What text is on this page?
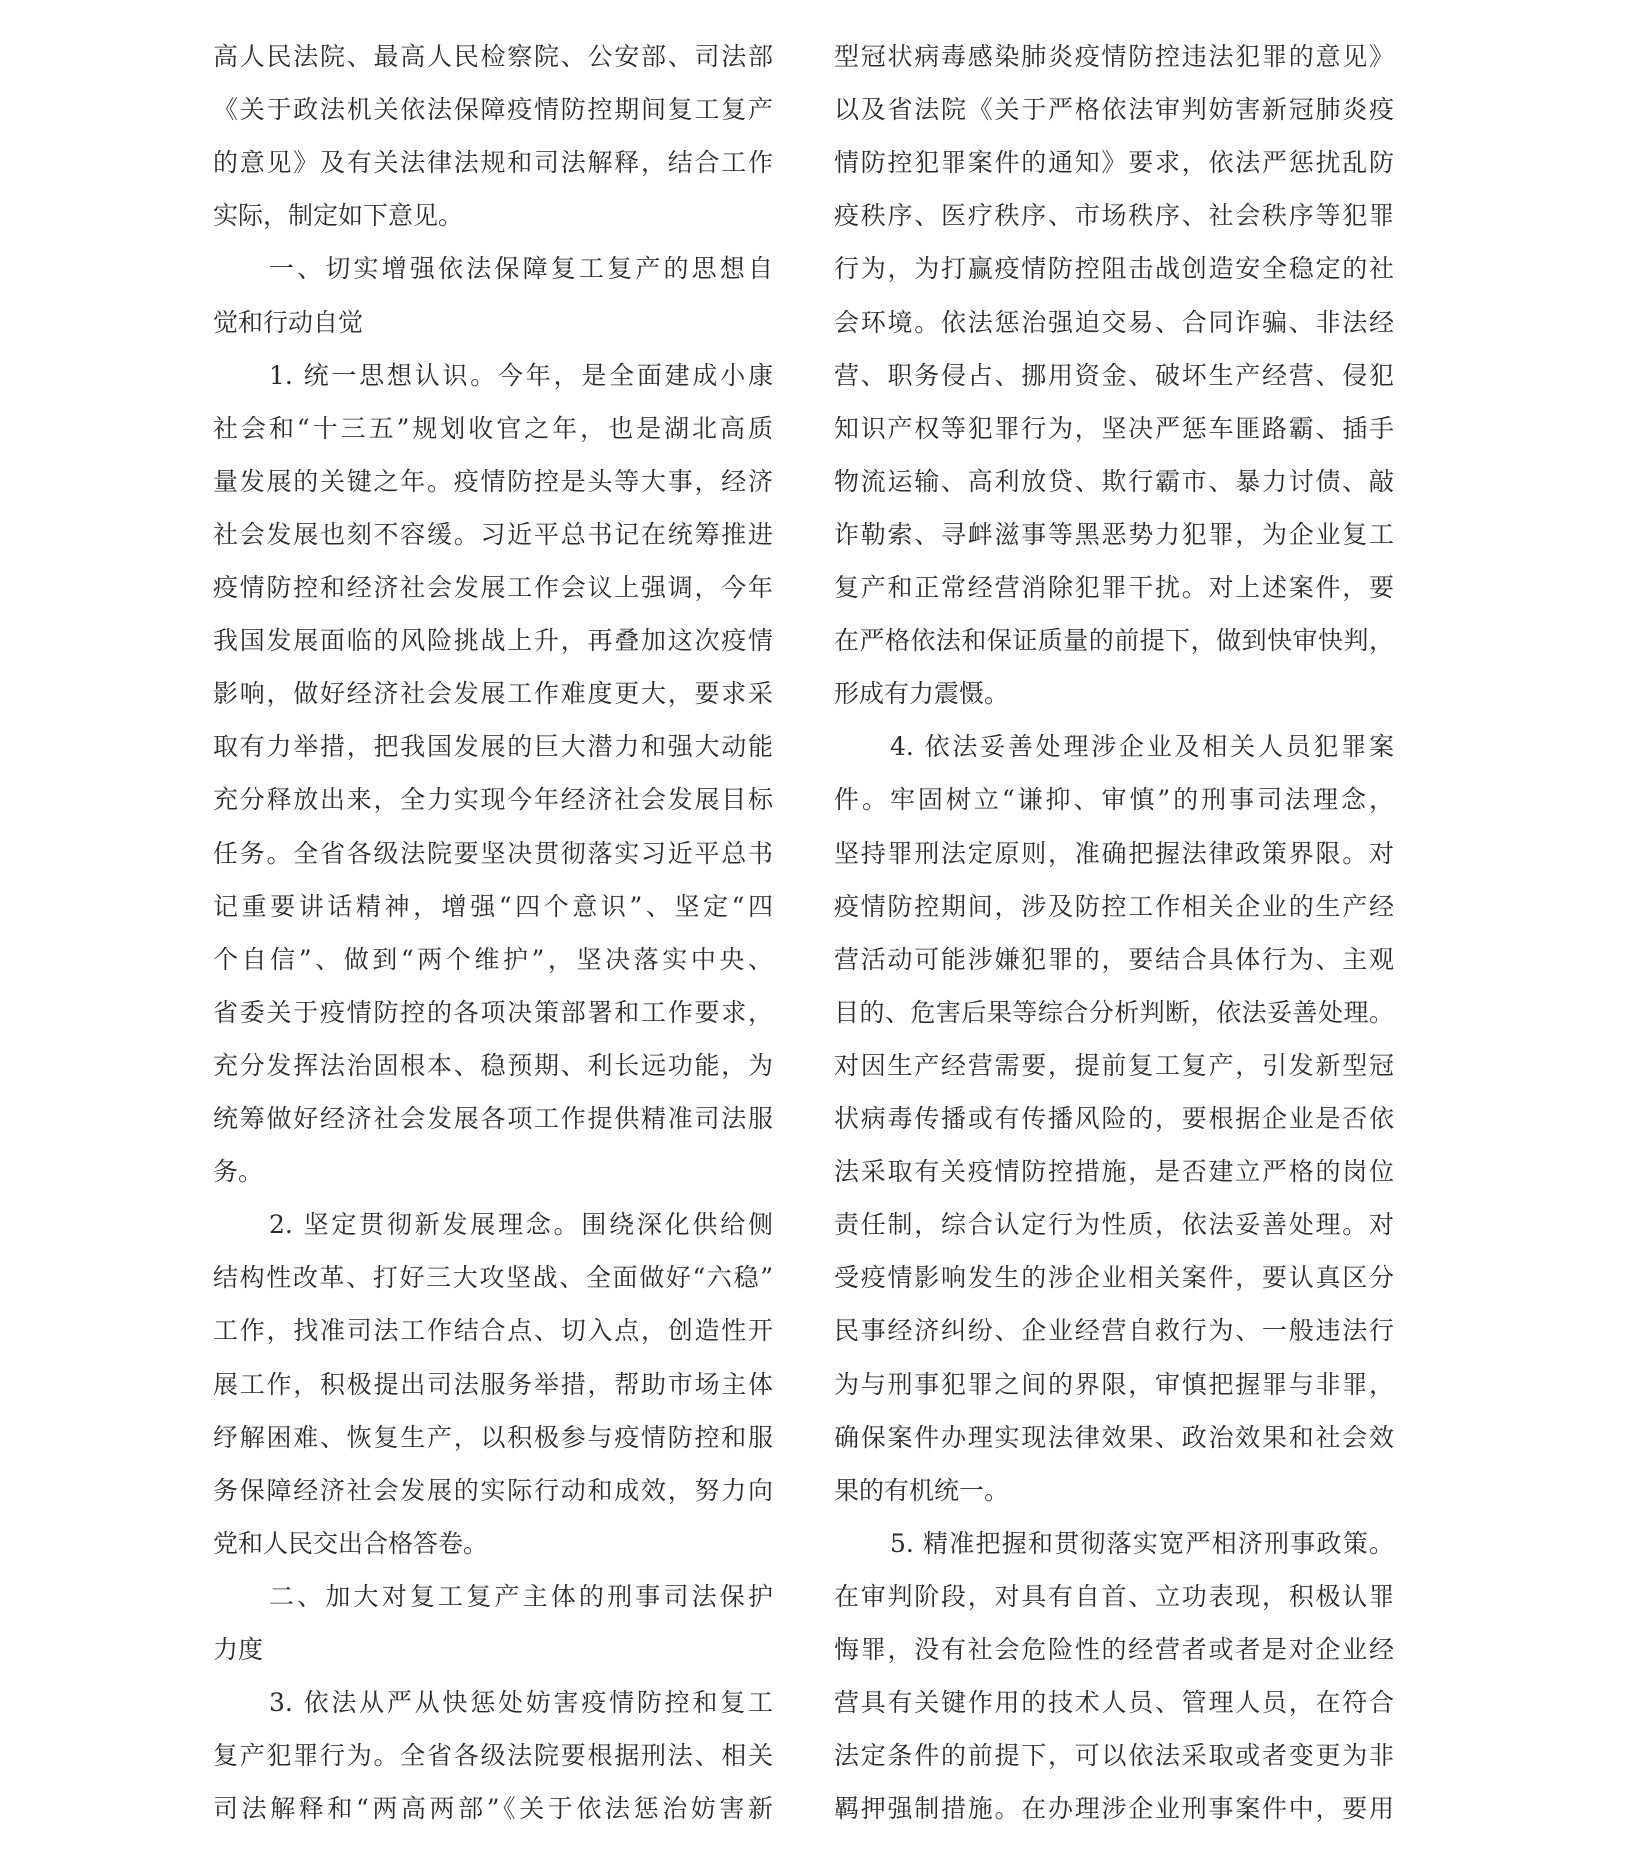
高人民法院、最高人民检察院、公安部、司法部
《关于政法机关依法保障疫情防控期间复工复产
的意见》及有关法律法规和司法解释，结合工作
实际，制定如下意见。
一、切实增强依法保障复工复产的思想自
觉和行动自觉
1. 统一思想认识。今年，是全面建成小康
社会和“十三五”规划收官之年，也是湖北高质
量发展的关键之年。疫情防控是头等大事，经济
社会发展也刻不容缓。习近平总书记在统筹推进
疫情防控和经济社会发展工作会议上强调，今年
我国发展面临的风险挑战上升，再叠加这次疫情
影响，做好经济社会发展工作难度更大，要求采
取有力举措，把我国发展的巨大潜力和强大动能
充分释放出来，全力实现今年经济社会发展目标
任务。全省各级法院要坚决贯彻落实习近平总书
记重要讲话精神，增强“四个意识”、坚定“四
个自信”、做到“两个维护”，坚决落实中央、
省委关于疫情防控的各项决策部署和工作要求，
充分发挥法治固根本、稳预期、利长远功能，为
统筹做好经济社会发展各项工作提供精准司法服
务。
2. 坚定贯彻新发展理念。围绕深化供给侧
结构性改革、打好三大攻坚战、全面做好“六稳”
工作，找准司法工作结合点、切入点，创造性开
展工作，积极提出司法服务举措，帮助市场主体
纾解困难、恢复生产，以积极参与疫情防控和服
务保障经济社会发展的实际行动和成效，努力向
党和人民交出合格答卷。
二、加大对复工复产主体的刑事司法保护
力度
3. 依法从严从快惩处妨害疫情防控和复工
复产犯罪行为。全省各级法院要根据刑法、相关
司法解释和“两高两部”《关于依法惩治妨害新
型冠状病毒感染肺炎疫情防控违法犯罪的意见》
以及省法院《关于严格依法审判妨害新冠肺炎疫
情防控犯罪案件的通知》要求，依法严惩扰乱防
疫秩序、医疗秩序、市场秩序、社会秩序等犯罪
行为，为打赢疫情防控阻击战创造安全稳定的社
会环境。依法惩治强迫交易、合同诈骗、非法经
营、职务侵占、挪用资金、破坏生产经营、侵犯
知识产权等犯罪行为，坚决严惩车匪路霸、插手
物流运输、高利放贷、欺行霸市、暴力讨债、敲
诈勒索、寻衅滋事等黑恶势力犯罪，为企业复工
复产和正常经营消除犯罪干扰。对上述案件，要
在严格依法和保证质量的前提下，做到快审快判，
形成有力震慑。
4. 依法妥善处理涉企业及相关人员犯罪案
件。牢固树立“谦抑、审慎”的刑事司法理念，
坚持罪刑法定原则，准确把握法律政策界限。对
疫情防控期间，涉及防控工作相关企业的生产经
营活动可能涉嫌犯罪的，要结合具体行为、主观
目的、危害后果等综合分析判断，依法妥善处理。
对因生产经营需要，提前复工复产，引发新型冠
状病毒传播或有传播风险的，要根据企业是否依
法采取有关疫情防控措施，是否建立严格的岗位
责任制，综合认定行为性质，依法妥善处理。对
受疫情影响发生的涉企业相关案件，要认真区分
民事经济纠纷、企业经营自救行为、一般违法行
为与刑事犯罪之间的界限，审慎把握罪与非罪，
确保案件办理实现法律效果、政治效果和社会效
果的有机统一。
5. 精准把握和贯彻落实宽严相济刑事政策。
在审判阶段，对具有自首、立功表现，积极认罪
悔罪，没有社会危险性的经营者或者是对企业经
营具有关键作用的技术人员、管理人员，在符合
法定条件的前提下，可以依法采取或者变更为非
羁押强制措施。在办理涉企业刑事案件中，要用
